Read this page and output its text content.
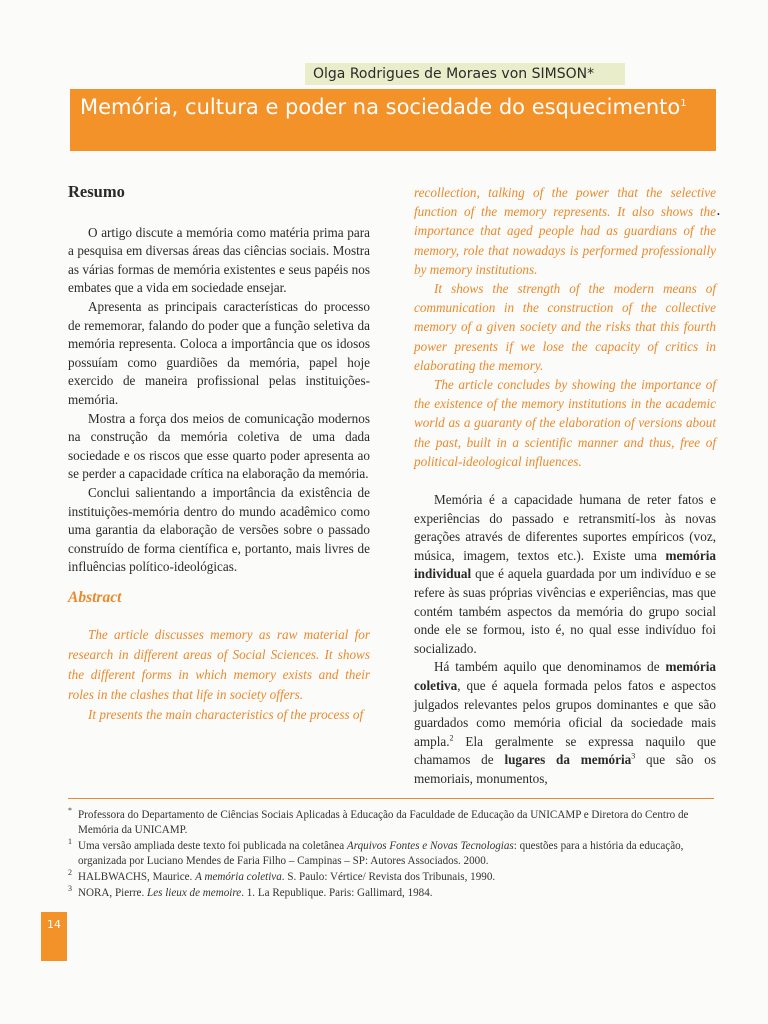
Olga Rodrigues de Moraes von SIMSON*

Memória, cultura e poder na sociedade do esquecimento$^1$

Resumo

O artigo discute a memória como matéria prima para a pesquisa em diversas áreas das ciências sociais. Mostra as várias formas de memória existentes e seus papéis nos embates que a vida em sociedade ensejar.

Apresenta as principais características do processo de rememorar, falando do poder que a função seletiva da memória representa. Coloca a importância que os idosos possuíam como guardiões da memória, papel hoje exercido de maneira profissional pelas instituições-memória.

Mostra a força dos meios de comunicação modernos na construção da memória coletiva de uma dada sociedade e os riscos que esse quarto poder apresenta ao se perder a capacidade crítica na elaboração da memória.

Conclui salientando a importância da existência de instituições-memória dentro do mundo acadêmico como uma garantia da elaboração de versões sobre o passado construído de forma científica e, portanto, mais livres de influências político-ideológicas.

Abstract

The article discusses memory as raw material for research in different areas of Social Sciences. It shows the different forms in which memory exists and their roles in the clashes that life in society offers.

It presents the main characteristics of the process of

•

recollection, talking of the power that the selective function of the memory represents. It also shows the importance that aged people had as guardians of the memory, role that nowadays is performed professionally by memory institutions.

It shows the strength of the modern means of communication in the construction of the collective memory of a given society and the risks that this fourth power presents if we lose the capacity of critics in elaborating the memory.

The article concludes by showing the importance of the existence of the memory institutions in the academic world as a guaranty of the elaboration of versions about the past, built in a scientific manner and thus, free of political-ideological influences.

Memória é a capacidade humana de reter fatos e experiências do passado e retransmití-los às novas gerações através de diferentes suportes empíricos (voz, música, imagem, textos etc.). Existe uma memória individual que é aquela guardada por um indivíduo e se refere às suas próprias vivências e experiências, mas que contém também aspectos da memória do grupo social onde ele se formou, isto é, no qual esse indivíduo foi socializado.

Há também aquilo que denominamos de memória coletiva, que é aquela formada pelos fatos e aspectos julgados relevantes pelos grupos dominantes e que são guardados como memória oficial da sociedade mais ampla.$^2$ Ela geralmente se expressa naquilo que chamamos de lugares da memória$^3$ que são os memoriais, monumentos,

* Professora do Departamento de Ciências Sociais Aplicadas à Educação da Faculdade de Educação da UNICAMP e Diretora do Centro de Memória da UNICAMP.

1 Uma versão ampliada deste texto foi publicada na coletânea Arquivos Fontes e Novas Tecnologias: questões para a história da educação, organizada por Luciano Mendes de Faria Filho – Campinas – SP: Autores Associados. 2000.

2 HALBWACHS, Maurice. A memória coletiva. S. Paulo: Vértice/ Revista dos Tribunais, 1990.

3 NORA, Pierre. Les lieux de memoire. 1. La Republique. Paris: Gallimard, 1984.

14
